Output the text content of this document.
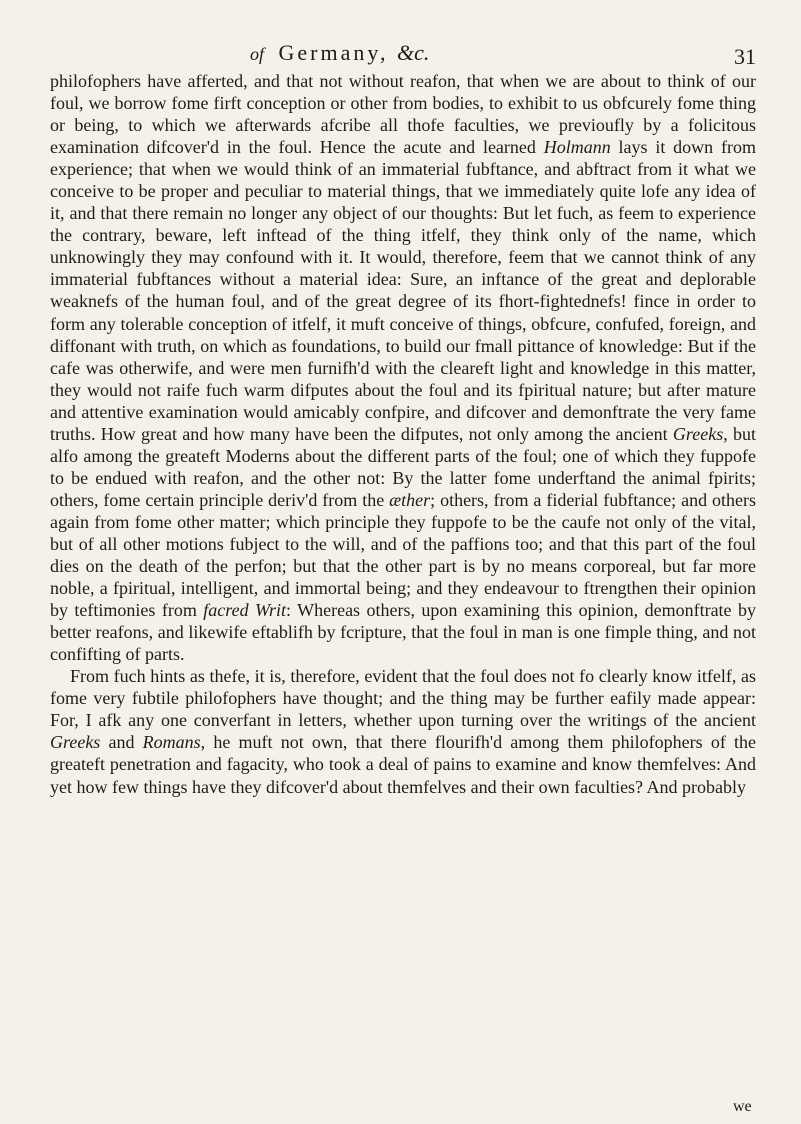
of Germany, &c.	31

philofophers have afferted, and that not without reafon, that when we are about to think of our foul, we borrow fome firft conception or other from bodies, to exhibit to us obfcurely fome thing or being, to which we afterwards afcribe all thofe faculties, we previoufly by a folicitous examination difcover'd in the foul. Hence the acute and learned Holmann lays it down from experience; that when we would think of an immaterial fubftance, and abftract from it what we conceive to be proper and peculiar to material things, that we immediately quite lofe any idea of it, and that there remain no longer any object of our thoughts: But let fuch, as feem to experience the contrary, beware, left inftead of the thing itfelf, they think only of the name, which unknowingly they may confound with it. It would, therefore, feem that we cannot think of any immaterial fubftances without a material idea: Sure, an inftance of the great and deplorable weaknefs of the human foul, and of the great degree of its fhort-fightednefs! fince in order to form any tolerable conception of itfelf, it muft conceive of things, obfcure, confufed, foreign, and diffonant with truth, on which as foundations, to build our fmall pittance of knowledge: But if the cafe was otherwife, and were men furnifh'd with the cleareft light and knowledge in this matter, they would not raife fuch warm difputes about the foul and its fpiritual nature; but after mature and attentive examination would amicably confpire, and difcover and demonftrate the very fame truths. How great and how many have been the difputes, not only among the ancient Greeks, but alfo among the greateft Moderns about the different parts of the foul; one of which they fuppofe to be endued with reafon, and the other not: By the latter fome underftand the animal fpirits; others, fome certain principle deriv'd from the æther; others, from a fiderial fubftance; and others again from fome other matter; which principle they fuppofe to be the caufe not only of the vital, but of all other motions fubject to the will, and of the paffions too; and that this part of the foul dies on the death of the perfon; but that the other part is by no means corporeal, but far more noble, a fpiritual, intelligent, and immortal being; and they endeavour to ftrengthen their opinion by teftimonies from facred Writ: Whereas others, upon examining this opinion, demonftrate by better reafons, and likewife eftablifh by fcripture, that the foul in man is one fimple thing, and not confifting of parts.

From fuch hints as thefe, it is, therefore, evident that the foul does not fo clearly know itfelf, as fome very fubtile philofophers have thought; and the thing may be further eafily made appear: For, I afk any one converfant in letters, whether upon turning over the writings of the ancient Greeks and Romans, he muft not own, that there flourifh'd among them philofophers of the greateft penetration and fagacity, who took a deal of pains to examine and know themfelves: And yet how few things have they difcover'd about themfelves and their own faculties? And probably

we
